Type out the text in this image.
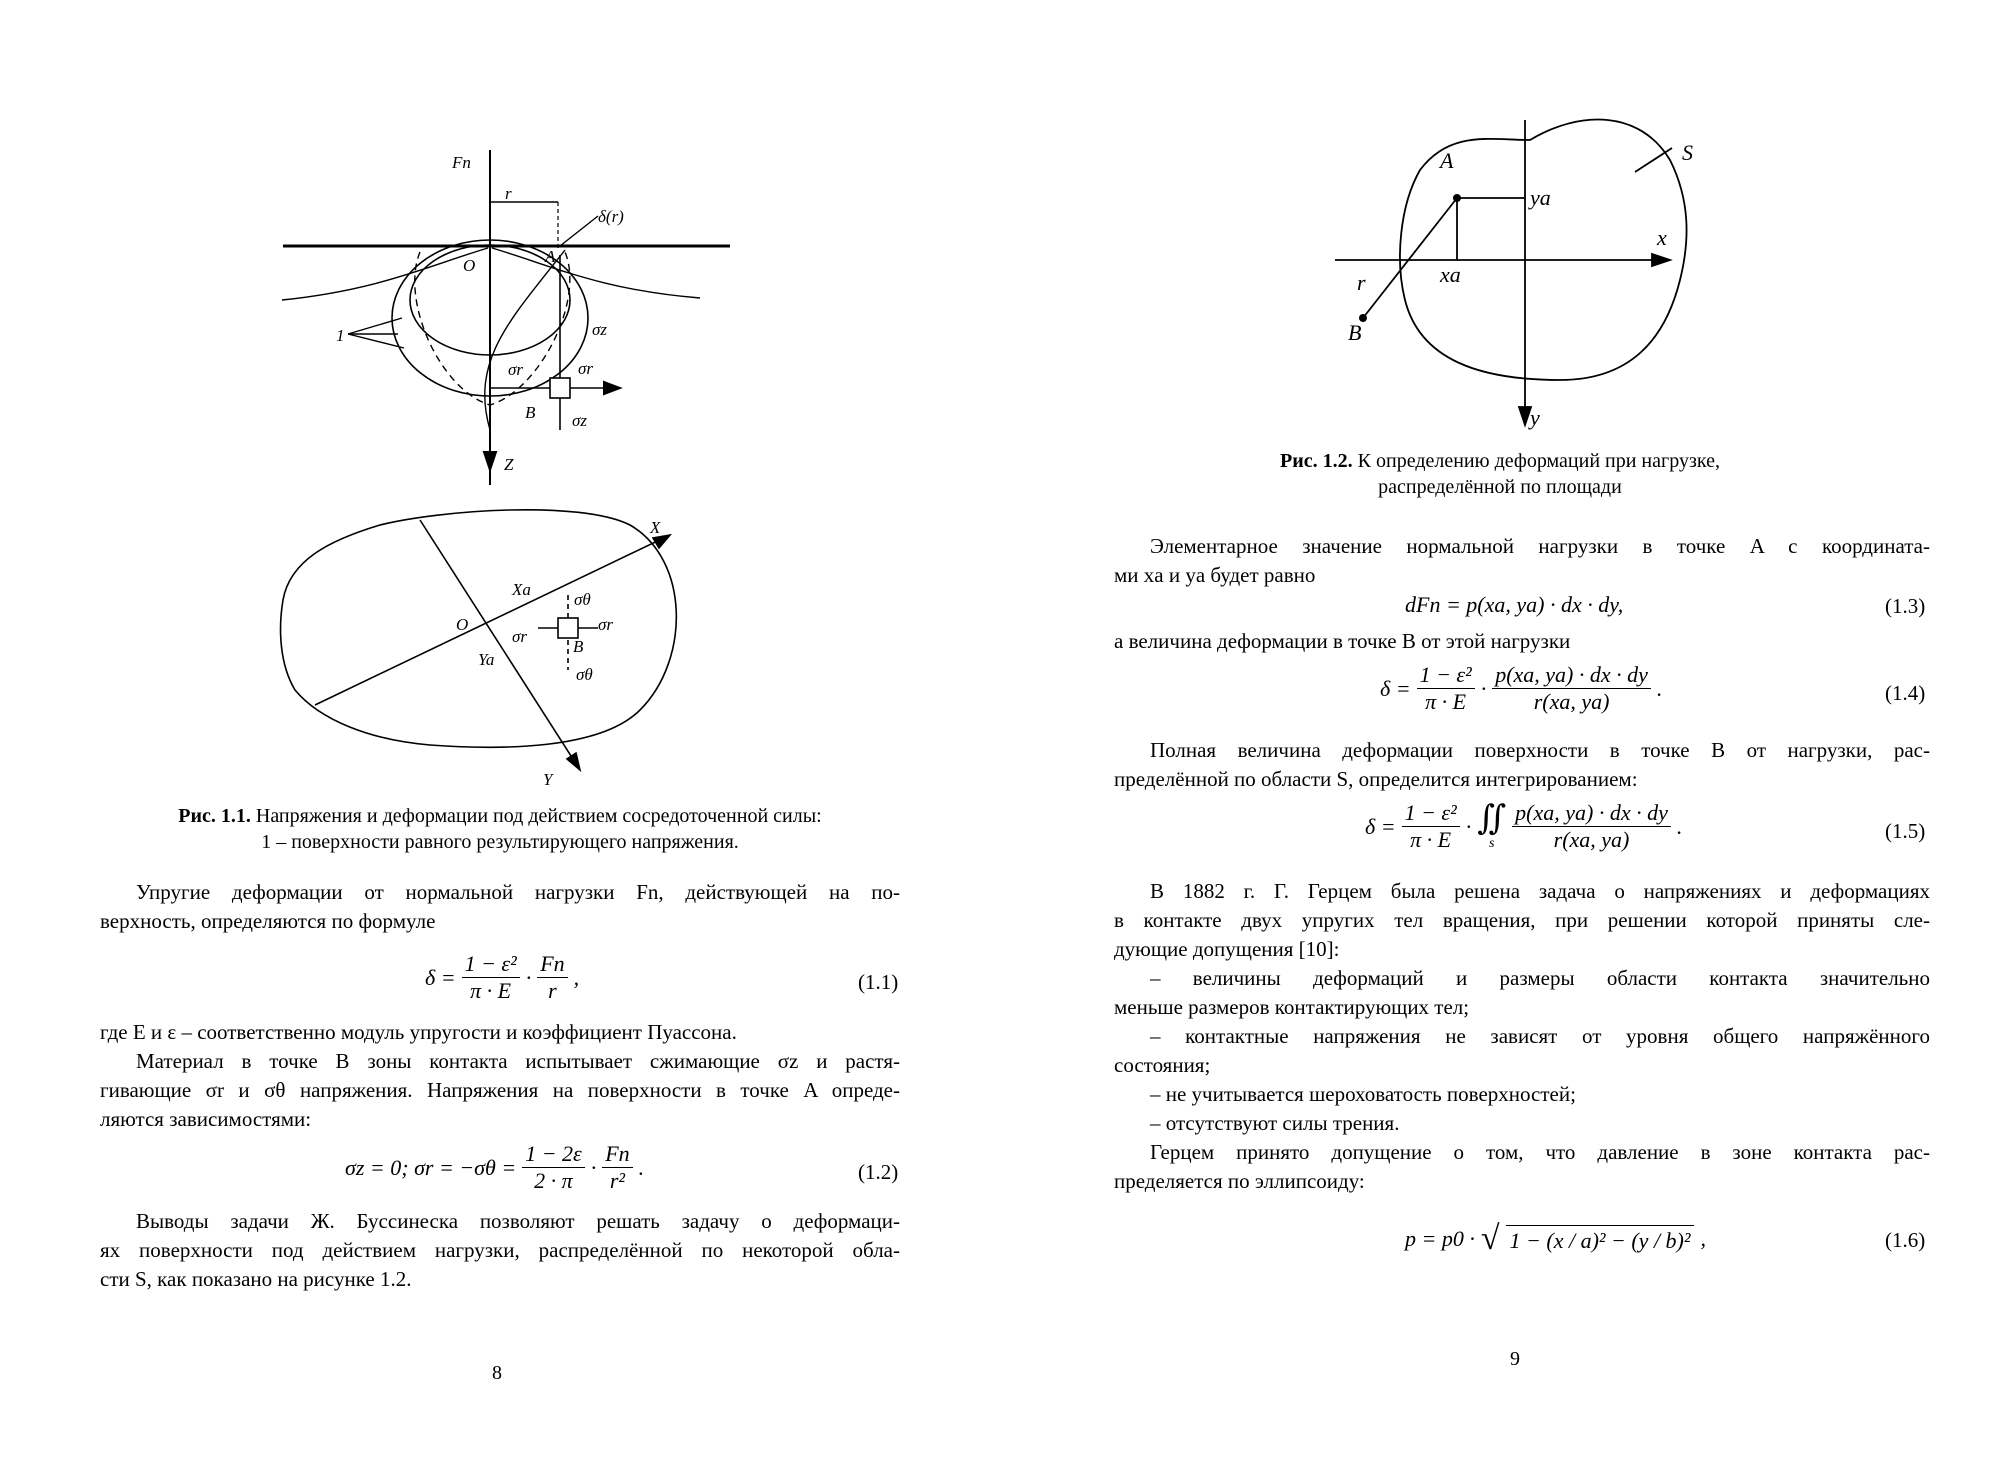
Fn
r
δ(r)
O	A
1	σz
σr	σr
B σz
Z
X
Xa
σθ
O
σr
σr
B
Ya
σθ
Y
Рис. 1.1. Напряжения и деформации под действием сосредоточенной силы:
1 – поверхности равного результирующего напряжения.
Упругие деформации от нормальной нагрузки Fn, действующей на по-
верхность, определяются по формуле
$\delta = \frac{\text{1 − ε²}}{\pi \cdot E}$ ·
Fn
r
,	(1.1)
где E и ε – соответственно модуль упругости и коэффициент Пуассона.
Материал в точке B зоны контакта испытывает сжимающие σz и растя-
гивающие σr и σθ напряжения. Напряжения на поверхности в точке A опреде-
ляются зависимостями:
σz = 0; $\sigma r = -\sigma\theta = \frac{1 - 2\varepsilon}{2 \cdot \pi}$ ·
Fn
r²
.	(1.2)
Выводы задачи Ж. Буссинеска позволяют решать задачу о деформаци-
ях поверхности под действием нагрузки, распределённой по некоторой обла-
сти S, как показано на рисунке 1.2.
8
S
A
ya
x
r	xa
B
y
Рис. 1.2. К определению деформаций при нагрузке,
распределённой по площади
Элементарное значение нормальной нагрузки в точке A с координата-
ми xa и ya будет равно
dFn = p(xa, ya) · dx · dy,	(1.3)
а величина деформации в точке B от этой нагрузки
$\delta = \frac{\text{1 − ε²}}{\pi \cdot E}$ ·
p(xa, ya) · dx · dy
r(xa, ya)
.	(1.4)
Полная величина деформации поверхности в точке B от нагрузки, рас-
пределённой по области S, определится интегрированием:
$\delta = \frac{\text{1 − ε²}}{\pi \cdot E}$ · ∬
s
p(xa, ya) · dx · dy
r(xa, ya)
.	(1.5)
В 1882 г. Г. Герцем была решена задача о напряжениях и деформациях
в контакте двух упругих тел вращения, при решении которой приняты сле-
дующие допущения [10]:
– величины деформаций и размеры области контакта значительно
меньше размеров контактирующих тел;
– контактные напряжения не зависят от уровня общего напряжённого
состояния;
– не учитывается шероховатость поверхностей;
– отсутствуют силы трения.
Герцем принято допущение о том, что давление в зоне контакта рас-
пределяется по эллипсоиду:
p = p0 · √ 1 − (x / a)² − (y / b)² ,	(1.6)
9
